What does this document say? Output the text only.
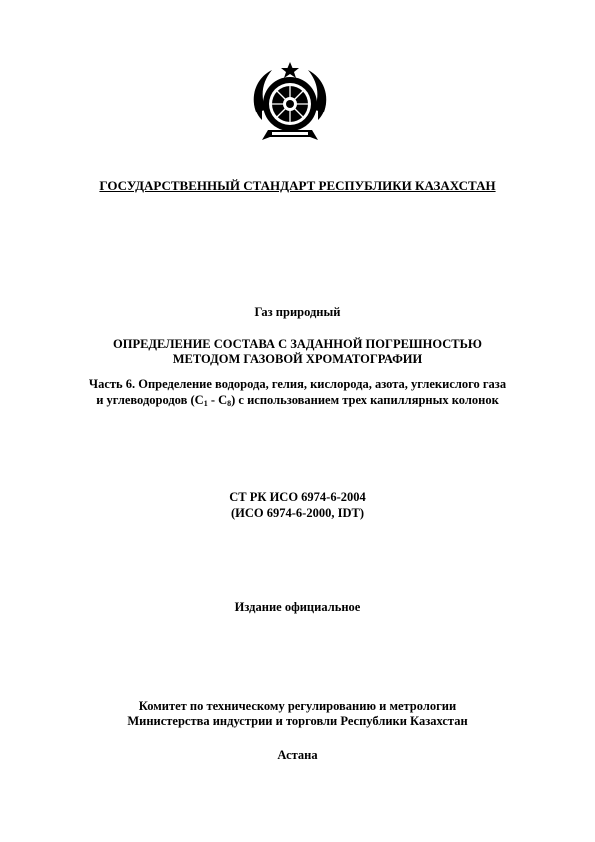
ГОСУДАРСТВЕННЫЙ СТАНДАРТ РЕСПУБЛИКИ КАЗАХСТАН
Газ природный
ОПРЕДЕЛЕНИЕ СОСТАВА С ЗАДАННОЙ ПОГРЕШНОСТЬЮ
МЕТОДОМ ГАЗОВОЙ ХРОМАТОГРАФИИ
Часть 6. Определение водорода, гелия, кислорода, азота, углекислого газа
и углеводородов $(C_1 - C_8)$ с использованием трех капиллярных колонок
СТ РК ИСО 6974-6-2004
(ИСО 6974-6-2000, IDT)
Издание официальное
Комитет по техническому регулированию и метрологии
Министерства индустрии и торговли Республики Казахстан
Астана
